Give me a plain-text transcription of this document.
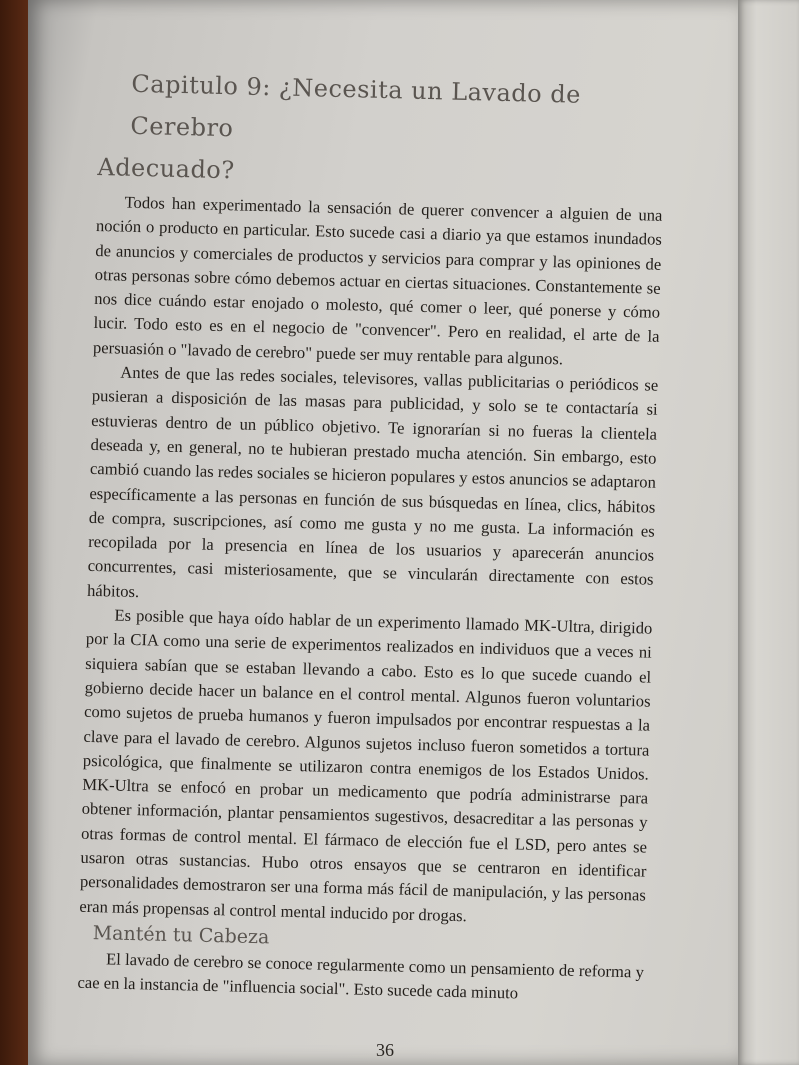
Capitulo 9: ¿Necesita un Lavado de Cerebro
Adecuado?

Todos han experimentado la sensación de querer convencer a alguien de una noción o producto en particular. Esto sucede casi a diario ya que estamos inundados de anuncios y comerciales de productos y servicios para comprar y las opiniones de otras personas sobre cómo debemos actuar en ciertas situaciones. Constantemente se nos dice cuándo estar enojado o molesto, qué comer o leer, qué ponerse y cómo lucir. Todo esto es en el negocio de "convencer". Pero en realidad, el arte de la persuasión o "lavado de cerebro" puede ser muy rentable para algunos.

Antes de que las redes sociales, televisores, vallas publicitarias o periódicos se pusieran a disposición de las masas para publicidad, y solo se te contactaría si estuvieras dentro de un público objetivo. Te ignorarían si no fueras la clientela deseada y, en general, no te hubieran prestado mucha atención. Sin embargo, esto cambió cuando las redes sociales se hicieron populares y estos anuncios se adaptaron específicamente a las personas en función de sus búsquedas en línea, clics, hábitos de compra, suscripciones, así como me gusta y no me gusta. La información es recopilada por la presencia en línea de los usuarios y aparecerán anuncios concurrentes, casi misteriosamente, que se vincularán directamente con estos hábitos.

Es posible que haya oído hablar de un experimento llamado MK-Ultra, dirigido por la CIA como una serie de experimentos realizados en individuos que a veces ni siquiera sabían que se estaban llevando a cabo. Esto es lo que sucede cuando el gobierno decide hacer un balance en el control mental. Algunos fueron voluntarios como sujetos de prueba humanos y fueron impulsados por encontrar respuestas a la clave para el lavado de cerebro. Algunos sujetos incluso fueron sometidos a tortura psicológica, que finalmente se utilizaron contra enemigos de los Estados Unidos. MK-Ultra se enfocó en probar un medicamento que podría administrarse para obtener información, plantar pensamientos sugestivos, desacreditar a las personas y otras formas de control mental. El fármaco de elección fue el LSD, pero antes se usaron otras sustancias. Hubo otros ensayos que se centraron en identificar personalidades demostraron ser una forma más fácil de manipulación, y las personas eran más propensas al control mental inducido por drogas.

Mantén tu Cabeza

El lavado de cerebro se conoce regularmente como un pensamiento de reforma y cae en la instancia de "influencia social". Esto sucede cada minuto

36
